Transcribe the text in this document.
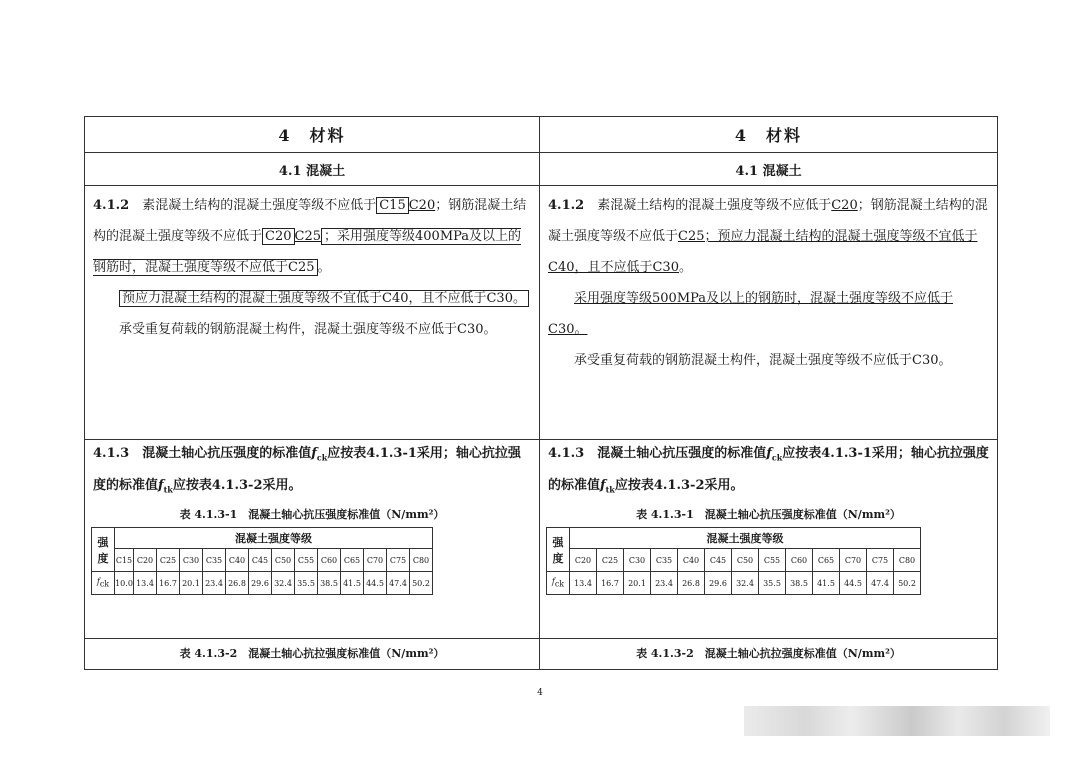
4　材料
4.1 混凝土

4.1.2　 素混凝土结构的混凝土强度等级不应低于 C15 C20；钢筋混凝土结构的混凝土强度等级不应低于 C20 C25 ；采用强度等级400MPa及以上的钢筋时，混凝土强度等级不应低于C25 。

预应力混凝土结构的混凝土强度等级不宜低于C40，且不应低于C30。

承受重复荷载的钢筋混凝土构件，混凝土强度等级不应低于C30。

4　材料
4.1 混凝土

4.1.2　 素混凝土结构的混凝土强度等级不应低于C20；钢筋混凝土结构的混凝土强度等级不应低于C25；预应力混凝土结构的混凝土强度等级不宜低于C40，且不应低于C30。

采用强度等级500MPa及以上的钢筋时，混凝土强度等级不应低于C30。

承受重复荷载的钢筋混凝土构件，混凝土强度等级不应低于C30。

4.1.3　 混凝土轴心抗压强度的标准值$f_{ck}$应按表4.1.3-1采用；轴心抗拉强度的标准值$f_{tk}$应按表4.1.3-2采用。
表 4.1.3-1　混凝土轴心抗压强度标准值（N/mm²）
强
度	混凝土强度等级													
	C15	C20	C25	C30	C35	C40	C45	C50	C55	C60	C65	C70	C75	C80
$f_{ck}$	10.0	13.4	16.7	20.1	23.4	26.8	29.6	32.4	35.5	38.5	41.5	44.5	47.4	50.2
4.1.3　 混凝土轴心抗压强度的标准值$f_{ck}$应按表4.1.3-1采用；轴心抗拉强度的标准值$f_{tk}$应按表4.1.3-2采用。
表 4.1.3-1　混凝土轴心抗压强度标准值（N/mm²）
强
度	混凝土强度等级												
	C20	C25	C30	C35	C40	C45	C50	C55	C60	C65	C70	C75	C80
$f_{ck}$	13.4	16.7	20.1	23.4	26.8	29.6	32.4	35.5	38.5	41.5	44.5	47.4	50.2
表 4.1.3-2　混凝土轴心抗拉强度标准值（N/mm²）	表 4.1.3-2　混凝土轴心抗拉强度标准值（N/mm²）
4
